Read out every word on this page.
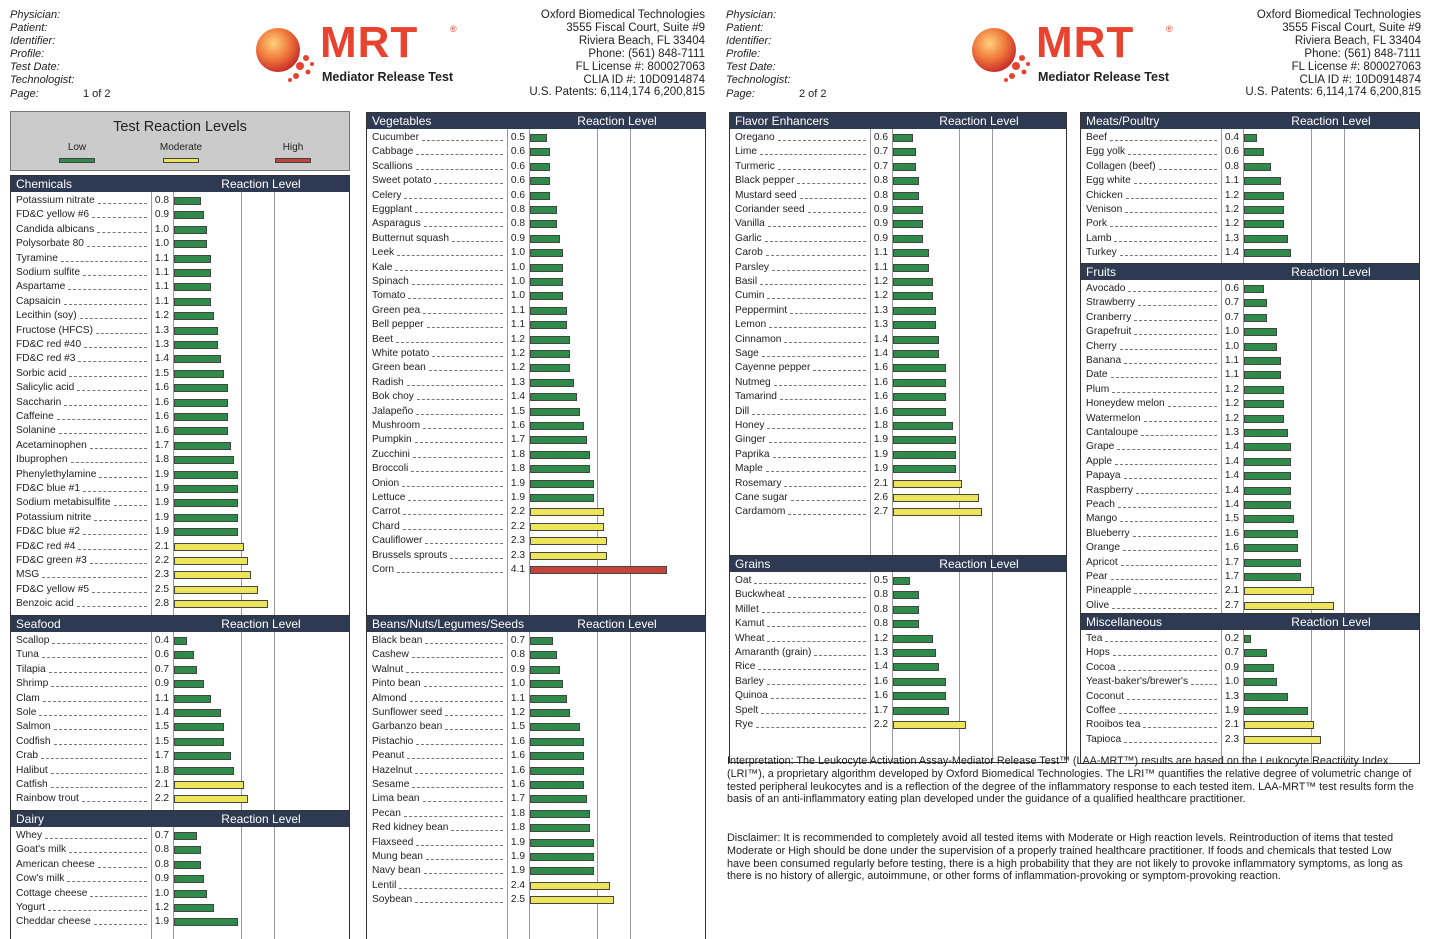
Physician:
Patient:
Identifier:
Profile:
Test Date:
Technologist:
Page:	1 of 2
MRT	®
Mediator Release Test
Oxford Biomedical Technologies
3555 Fiscal Court, Suite #9
Riviera Beach, FL 33404
Phone: (561) 848-7111
FL License #: 800027063
CLIA ID #: 10D0914874
U.S. Patents: 6,114,174 6,200,815
Test Reaction Levels
Low	Moderate	High
Physician:
Patient:
Identifier:
Profile:
Test Date:
Technologist:
Page:	2 of 2
MRT	®
Mediator Release Test
Oxford Biomedical Technologies
3555 Fiscal Court, Suite #9
Riviera Beach, FL 33404
Phone: (561) 848-7111
FL License #: 800027063
CLIA ID #: 10D0914874
U.S. Patents: 6,114,174 6,200,815
Chemicals	Reaction Level
Potassium nitrate	0.8
FD&C yellow #6	0.9
Candida albicans	1.0
Polysorbate 80	1.0
Tyramine	1.1
Sodium sulfite	1.1
Aspartame	1.1
Capsaicin	1.1
Lecithin (soy)	1.2
Fructose (HFCS)	1.3
FD&C red #40	1.3
FD&C red #3	1.4
Sorbic acid	1.5
Salicylic acid	1.6
Saccharin	1.6
Caffeine	1.6
Solanine	1.6
Acetaminophen	1.7
Ibuprophen	1.8
Phenylethylamine	1.9
FD&C blue #1	1.9
Sodium metabisulfite	1.9
Potassium nitrite	1.9
FD&C blue #2	1.9
FD&C red #4	2.1
FD&C green #3	2.2
MSG	2.3
FD&C yellow #5	2.5
Benzoic acid	2.8
Seafood	Reaction Level
Scallop	0.4
Tuna	0.6
Tilapia	0.7
Shrimp	0.9
Clam	1.1
Sole	1.4
Salmon	1.5
Codfish	1.5
Crab	1.7
Halibut	1.8
Catfish	2.1
Rainbow trout	2.2
Dairy	Reaction Level
Whey	0.7
Goat's milk	0.8
American cheese	0.8
Cow's milk	0.9
Cottage cheese	1.0
Yogurt	1.2
Cheddar cheese	1.9
Vegetables	Reaction Level
Cucumber	0.5
Cabbage	0.6
Scallions	0.6
Sweet potato	0.6
Celery	0.6
Eggplant	0.8
Asparagus	0.8
Butternut squash	0.9
Leek	1.0
Kale	1.0
Spinach	1.0
Tomato	1.0
Green pea	1.1
Bell pepper	1.1
Beet	1.2
White potato	1.2
Green bean	1.2
Radish	1.3
Bok choy	1.4
Jalapeño	1.5
Mushroom	1.6
Pumpkin	1.7
Zucchini	1.8
Broccoli	1.8
Onion	1.9
Lettuce	1.9
Carrot	2.2
Chard	2.2
Cauliflower	2.3
Brussels sprouts	2.3
Corn	4.1
Beans/Nuts/Legumes/Seeds	Reaction Level
Black bean	0.7
Cashew	0.8
Walnut	0.9
Pinto bean	1.0
Almond	1.1
Sunflower seed	1.2
Garbanzo bean	1.5
Pistachio	1.6
Peanut	1.6
Hazelnut	1.6
Sesame	1.6
Lima bean	1.7
Pecan	1.8
Red kidney bean	1.8
Flaxseed	1.9
Mung bean	1.9
Navy bean	1.9
Lentil	2.4
Soybean	2.5
Flavor Enhancers	Reaction Level
Oregano	0.6
Lime	0.7
Turmeric	0.7
Black pepper	0.8
Mustard seed	0.8
Coriander seed	0.9
Vanilla	0.9
Garlic	0.9
Carob	1.1
Parsley	1.1
Basil	1.2
Cumin	1.2
Peppermint	1.3
Lemon	1.3
Cinnamon	1.4
Sage	1.4
Cayenne pepper	1.6
Nutmeg	1.6
Tamarind	1.6
Dill	1.6
Honey	1.8
Ginger	1.9
Paprika	1.9
Maple	1.9
Rosemary	2.1
Cane sugar	2.6
Cardamom	2.7
Grains	Reaction Level
Oat	0.5
Buckwheat	0.8
Millet	0.8
Kamut	0.8
Wheat	1.2
Amaranth (grain)	1.3
Rice	1.4
Barley	1.6
Quinoa	1.6
Spelt	1.7
Rye	2.2
Meats/Poultry	Reaction Level
Beef	0.4
Egg yolk	0.6
Collagen (beef)	0.8
Egg white	1.1
Chicken	1.2
Venison	1.2
Pork	1.2
Lamb	1.3
Turkey	1.4
Fruits	Reaction Level
Avocado	0.6
Strawberry	0.7
Cranberry	0.7
Grapefruit	1.0
Cherry	1.0
Banana	1.1
Date	1.1
Plum	1.2
Honeydew melon	1.2
Watermelon	1.2
Cantaloupe	1.3
Grape	1.4
Apple	1.4
Papaya	1.4
Raspberry	1.4
Peach	1.4
Mango	1.5
Blueberry	1.6
Orange	1.6
Apricot	1.7
Pear	1.7
Pineapple	2.1
Olive	2.7
Miscellaneous	Reaction Level
Tea	0.2
Hops	0.7
Cocoa	0.9
Yeast-baker's/brewer's	1.0
Coconut	1.3
Coffee	1.9
Rooibos tea	2.1
Tapioca	2.3
Interpretation: The Leukocyte Activation Assay-Mediator Release Test™ (LAA-MRT™) results are based on the Leukocyte Reactivity Index (LRI™), a proprietary algorithm developed by Oxford Biomedical Technologies. The LRI™ quantifies the relative degree of volumetric change of tested peripheral leukocytes and is a reflection of the degree of the inflammatory response to each tested item. LAA-MRT™ test results form the basis of an anti-inflammatory eating plan developed under the guidance of a qualified healthcare practitioner.
Disclaimer: It is recommended to completely avoid all tested items with Moderate or High reaction levels. Reintroduction of items that tested Moderate or High should be done under the supervision of a properly trained healthcare practitioner. If foods and chemicals that tested Low have been consumed regularly before testing, there is a high probability that they are not likely to provoke inflammatory symptoms, as long as there is no history of allergic, autoimmune, or other forms of inflammation-provoking or symptom-provoking reaction.
